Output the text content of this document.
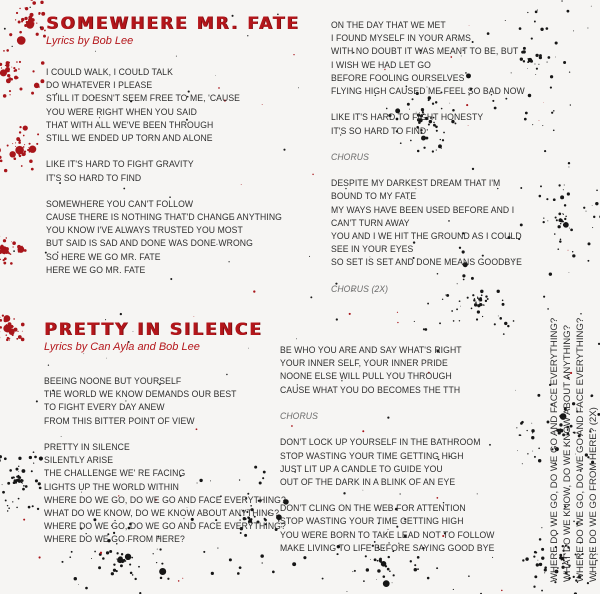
SOMEWHERE MR. FATE
Lyrics by Bob Lee
I COULD WALK, I COULD TALK
DO WHATEVER I PLEASE
STILL IT DOESN'T SEEM FREE TO ME, 'CAUSE
YOU WERE RIGHT WHEN YOU SAID
THAT WITH ALL WE'VE BEEN THROUGH
STILL WE ENDED UP TORN AND ALONE
LIKE IT'S HARD TO FIGHT GRAVITY
IT'S SO HARD TO FIND
SOMEWHERE YOU CAN'T FOLLOW
CAUSE THERE IS NOTHING THAT'D CHANGE ANYTHING
YOU KNOW I'VE ALWAYS TRUSTED YOU MOST
BUT SAID IS SAD AND DONE WAS DONE WRONG
SO HERE WE GO MR. FATE
HERE WE GO MR. FATE
ON THE DAY THAT WE MET
I FOUND MYSELF IN YOUR ARMS
WITH NO DOUBT IT WAS MEANT TO BE, BUT
I WISH WE HAD LET GO
BEFORE FOOLING OURSELVES
FLYING HIGH CAUSED ME FEEL SO BAD NOW
LIKE IT'S HARD TO FIGHT HONESTY
IT'S SO HARD TO FIND
CHORUS
DESPITE MY DARKEST DREAM THAT I'M
BOUND TO MY FATE
MY WAYS HAVE BEEN USED BEFORE AND I
CAN'T TURN AWAY
YOU AND I WE HIT THE GROUND AS I COULD
SEE IN YOUR EYES
SO SET IS SET AND DONE MEANS GOODBYE
CHORUS (2X)
PRETTY IN SILENCE
Lyrics by Can Ayla and Bob Lee
BEEING NOONE BUT YOURSELF
THE WORLD WE KNOW DEMANDS OUR BEST
TO FIGHT EVERY DAY ANEW
FROM THIS BITTER POINT OF VIEW
PRETTY IN SILENCE
SILENTLY ARISE
THE CHALLENGE WE' RE FACING
LIGHTS UP THE WORLD WITHIN
WHERE DO WE GO, DO WE GO AND FACE EVERYTHING?
WHAT DO WE KNOW, DO WE KNOW ABOUT ANYTHING?
WHERE DO WE GO, DO WE GO AND FACE EVERYTHING?
WHERE DO WE GO FROM HERE?
BE WHO YOU ARE AND SAY WHAT'S RIGHT
YOUR INNER SELF, YOUR INNER PRIDE
NOONE ELSE WILL PULL YOU THROUGH
CAUSE WHAT YOU DO BECOMES THE TTH
CHORUS
DON'T LOCK UP YOURSELF IN THE BATHROOM
STOP WASTING YOUR TIME GETTING HIGH
JUST LIT UP A CANDLE TO GUIDE YOU
OUT OF THE DARK IN A BLINK OF AN EYE
DON'T CLING ON THE WEB FOR ATTENTION
STOP WASTING YOUR TIME GETTING HIGH
YOU WERE BORN TO TAKE LEAD NOT TO FOLLOW
MAKE LIVING TO LIFE BEFORE SAYING GOOD BYE	WHERE DO WE GO, DO WE GO AND FACE EVERYTHING? WHAT DO WE KNOW, DO WE KNOW ABOUT ANYTHING? WHERE DO WE GO, DO WE GO AND FACE EVERYTHING? WHERE DO WE GO FROM HERE? (2X)
